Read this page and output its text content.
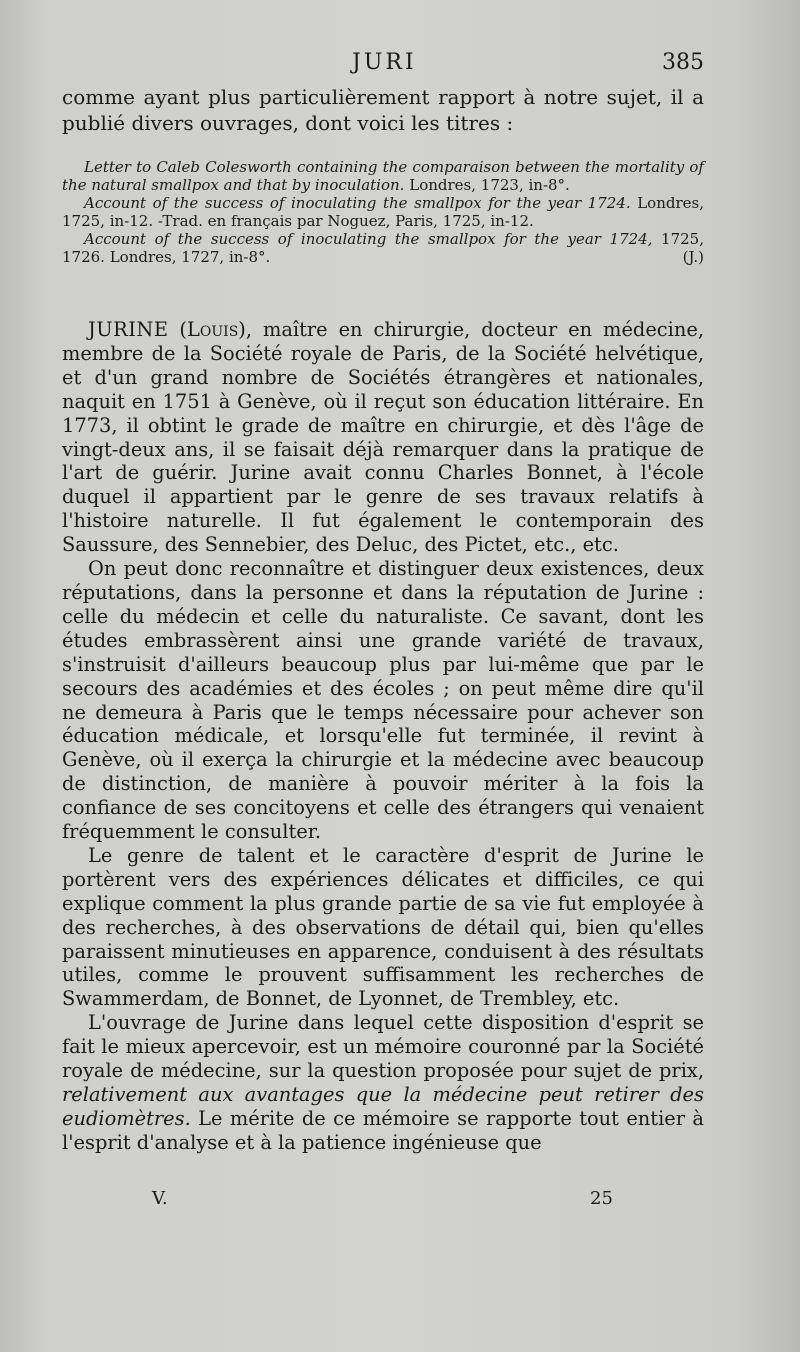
JURI	385

comme ayant plus particulièrement rapport à notre sujet, il a publié divers ouvrages, dont voici les titres :

Letter to Caleb Colesworth containing the comparaison between the mortality of the natural smallpox and that by inoculation. Londres, 1723, in-8°.

Account of the success of inoculating the smallpox for the year 1724. Londres, 1725, in-12. -Trad. en français par Noguez, Paris, 1725, in-12.

Account of the success of inoculating the smallpox for the year 1724, 1725, 1726. Londres, 1727, in-8°.	(J.)

JURINE (Louis), maître en chirurgie, docteur en médecine, membre de la Société royale de Paris, de la Société helvétique, et d'un grand nombre de Sociétés étrangères et nationales, naquit en 1751 à Genève, où il reçut son éducation littéraire. En 1773, il obtint le grade de maître en chirurgie, et dès l'âge de vingt-deux ans, il se faisait déjà remarquer dans la pratique de l'art de guérir. Jurine avait connu Charles Bonnet, à l'école duquel il appartient par le genre de ses travaux relatifs à l'histoire naturelle. Il fut également le contemporain des Saussure, des Sennebier, des Deluc, des Pictet, etc., etc.

On peut donc reconnaître et distinguer deux existences, deux réputations, dans la personne et dans la réputation de Jurine : celle du médecin et celle du naturaliste. Ce savant, dont les études embrassèrent ainsi une grande variété de travaux, s'instruisit d'ailleurs beaucoup plus par lui-même que par le secours des académies et des écoles ; on peut même dire qu'il ne demeura à Paris que le temps nécessaire pour achever son éducation médicale, et lorsqu'elle fut terminée, il revint à Genève, où il exerça la chirurgie et la médecine avec beaucoup de distinction, de manière à pouvoir mériter à la fois la confiance de ses concitoyens et celle des étrangers qui venaient fréquemment le consulter.

Le genre de talent et le caractère d'esprit de Jurine le portèrent vers des expériences délicates et difficiles, ce qui explique comment la plus grande partie de sa vie fut employée à des recherches, à des observations de détail qui, bien qu'elles paraissent minutieuses en apparence, conduisent à des résultats utiles, comme le prouvent suffisamment les recherches de Swammerdam, de Bonnet, de Lyonnet, de Trembley, etc.

L'ouvrage de Jurine dans lequel cette disposition d'esprit se fait le mieux apercevoir, est un mémoire couronné par la Société royale de médecine, sur la question proposée pour sujet de prix, relativement aux avantages que la médecine peut retirer des eudiomètres. Le mérite de ce mémoire se rapporte tout entier à l'esprit d'analyse et à la patience ingénieuse que

V.	25
